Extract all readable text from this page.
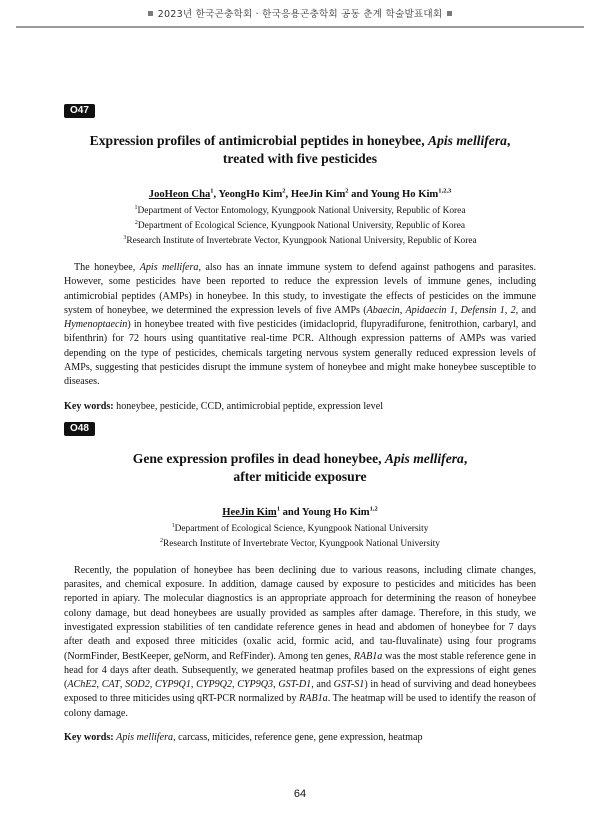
2023년 한국곤충학회 · 한국응용곤충학회 공동 춘계 학술발표대회
O47
Expression profiles of antimicrobial peptides in honeybee, Apis mellifera,
treated with five pesticides
JooHeon Cha$^1$, YeongHo Kim$^2$, HeeJin Kim$^2$ and Young Ho Kim$^{1,2,3}$
$^1$Department of Vector Entomology, Kyungpook National University, Republic of Korea
$^2$Department of Ecological Science, Kyungpook National University, Republic of Korea
$^3$Research Institute of Invertebrate Vector, Kyungpook National University, Republic of Korea

The honeybee, Apis mellifera, also has an innate immune system to defend against pathogens and parasites. However, some pesticides have been reported to reduce the expression levels of immune genes, including antimicrobial peptides (AMPs) in honeybee. In this study, to investigate the effects of pesticides on the immune system of honeybee, we determined the expression levels of five AMPs (Abaecin, Apidaecin 1, Defensin 1, 2, and Hymenoptaecin) in honeybee treated with five pesticides (imidacloprid, flupyradifurone, fenitrothion, carbaryl, and bifenthrin) for 72 hours using quantitative real-time PCR. Although expression patterns of AMPs was varied depending on the type of pesticides, chemicals targeting nervous system generally reduced expression levels of AMPs, suggesting that pesticides disrupt the immune system of honeybee and might make honeybee susceptible to diseases.

Key words: honeybee, pesticide, CCD, antimicrobial peptide, expression level
O48
Gene expression profiles in dead honeybee, Apis mellifera,
after miticide exposure
HeeJin Kim$^1$ and Young Ho Kim$^{1,2}$
$^1$Department of Ecological Science, Kyungpook National University
$^2$Research Institute of Invertebrate Vector, Kyungpook National University

Recently, the population of honeybee has been declining due to various reasons, including climate changes, parasites, and chemical exposure. In addition, damage caused by exposure to pesticides and miticides has been reported in apiary. The molecular diagnostics is an appropriate approach for determining the reason of honeybee colony damage, but dead honeybees are usually provided as samples after damage. Therefore, in this study, we investigated expression stabilities of ten candidate reference genes in head and abdomen of honeybee for 7 days after death and exposed three miticides (oxalic acid, formic acid, and tau-fluvalinate) using four programs (NormFinder, BestKeeper, geNorm, and RefFinder). Among ten genes, RAB1a was the most stable reference gene in head for 4 days after death. Subsequently, we generated heatmap profiles based on the expressions of eight genes (AChE2, CAT, SOD2, CYP9Q1, CYP9Q2, CYP9Q3, GST-D1, and GST-S1) in head of surviving and dead honeybees exposed to three miticides using qRT-PCR normalized by RAB1a. The heatmap will be used to identify the reason of colony damage.

Key words: Apis mellifera, carcass, miticides, reference gene, gene expression, heatmap
64
